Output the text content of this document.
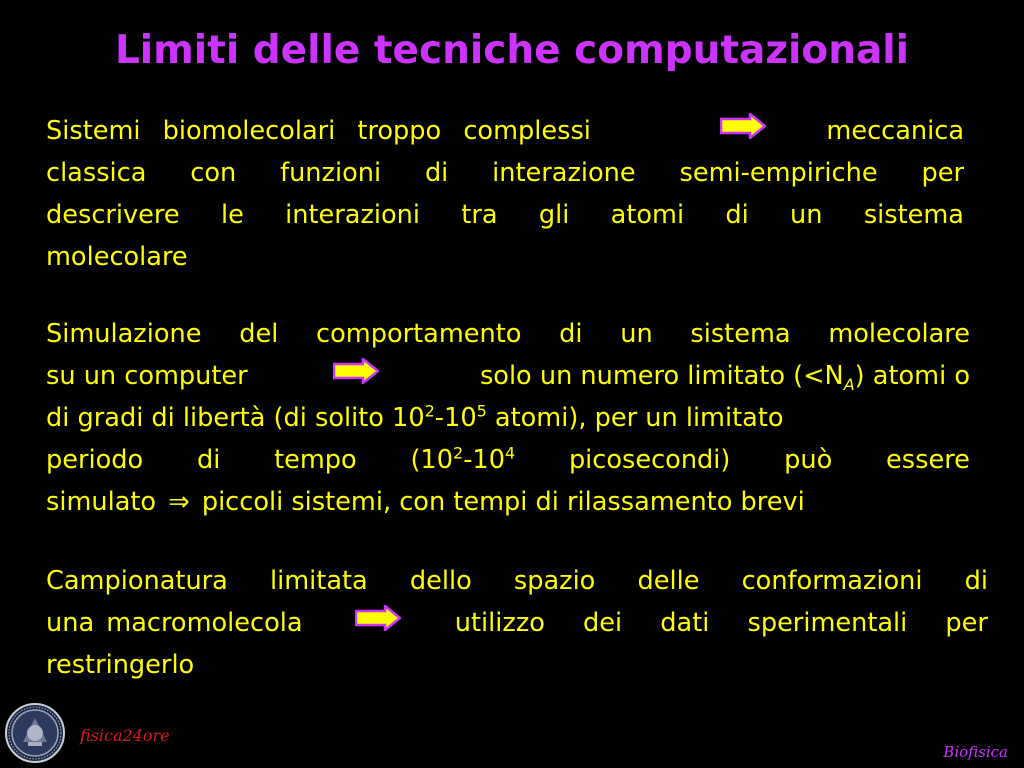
Limiti delle tecniche computazionali
Sistemi biomolecolari troppo complessi	meccanica
classica con funzioni di interazione semi-empiriche per
descrivere le interazioni tra gli atomi di un sistema
molecolare
Simulazione del comportamento di un sistema molecolare
su un computer	solo un numero limitato $(<N_A)$ atomi o
di gradi di libertà (di solito $10^2-10^5$ atomi), per un limitato
periodo di tempo ($10^2-10^4$ picosecondi) può essere
simulato ⇒ piccoli sistemi, con tempi di rilassamento brevi
Campionatura limitata dello spazio delle conformazioni di
una macromolecola	utilizzo dei dati sperimentali per
restringerlo
fisica24ore
Biofisica
